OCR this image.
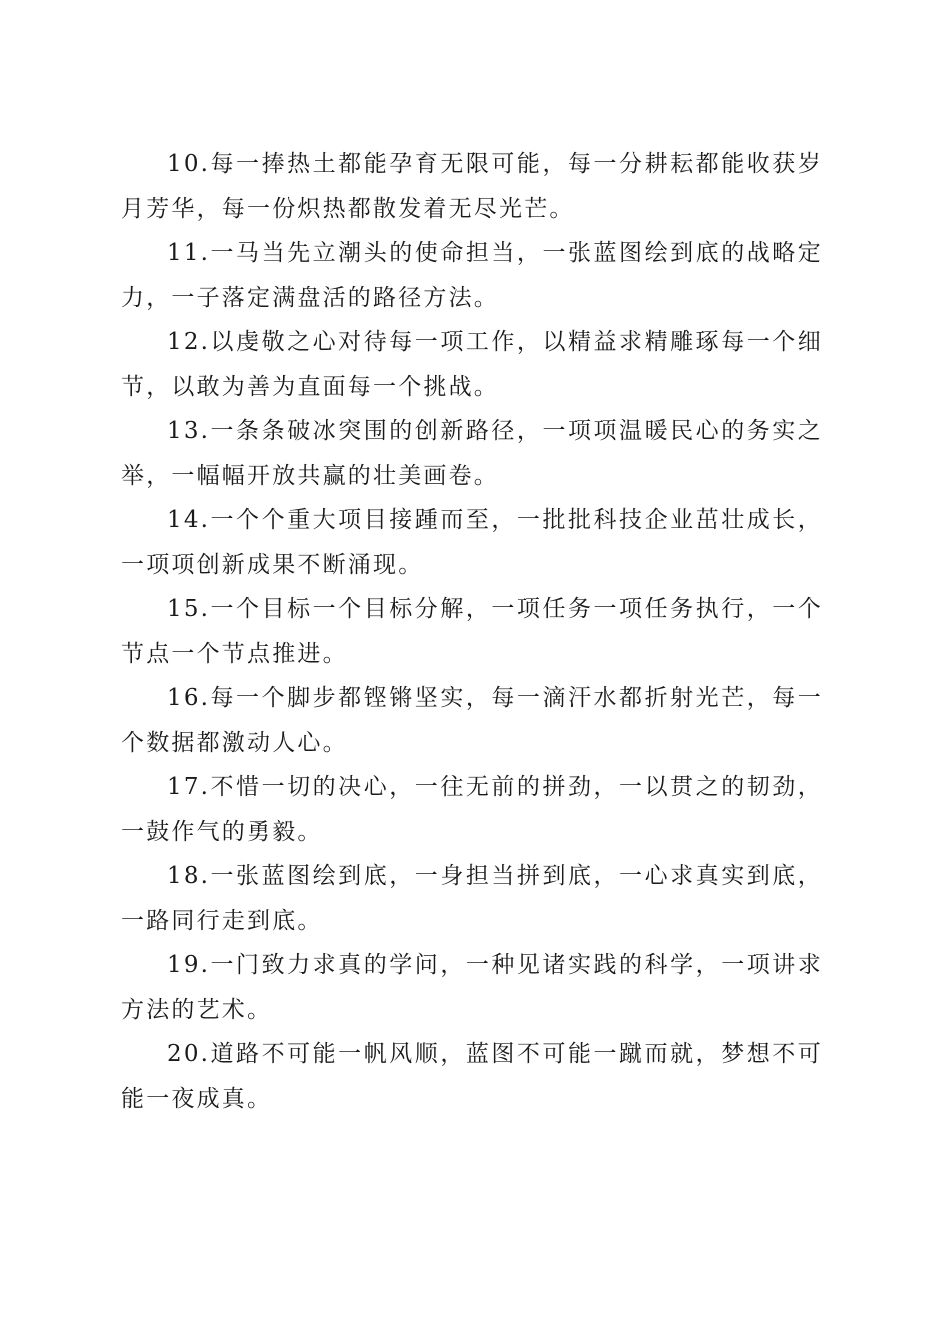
10.每一捧热土都能孕育无限可能，每一分耕耘都能收获岁月芳华，每一份炽热都散发着无尽光芒。

11.一马当先立潮头的使命担当，一张蓝图绘到底的战略定力，一子落定满盘活的路径方法。

12.以虔敬之心对待每一项工作，以精益求精雕琢每一个细节，以敢为善为直面每一个挑战。

13.一条条破冰突围的创新路径，一项项温暖民心的务实之举，一幅幅开放共赢的壮美画卷。

14.一个个重大项目接踵而至，一批批科技企业茁壮成长，一项项创新成果不断涌现。

15.一个目标一个目标分解，一项任务一项任务执行，一个节点一个节点推进。

16.每一个脚步都铿锵坚实，每一滴汗水都折射光芒，每一个数据都激动人心。

17.不惜一切的决心，一往无前的拼劲，一以贯之的韧劲，一鼓作气的勇毅。

18.一张蓝图绘到底，一身担当拼到底，一心求真实到底，一路同行走到底。

19.一门致力求真的学问，一种见诸实践的科学，一项讲求方法的艺术。

20.道路不可能一帆风顺，蓝图不可能一蹴而就，梦想不可能一夜成真。
